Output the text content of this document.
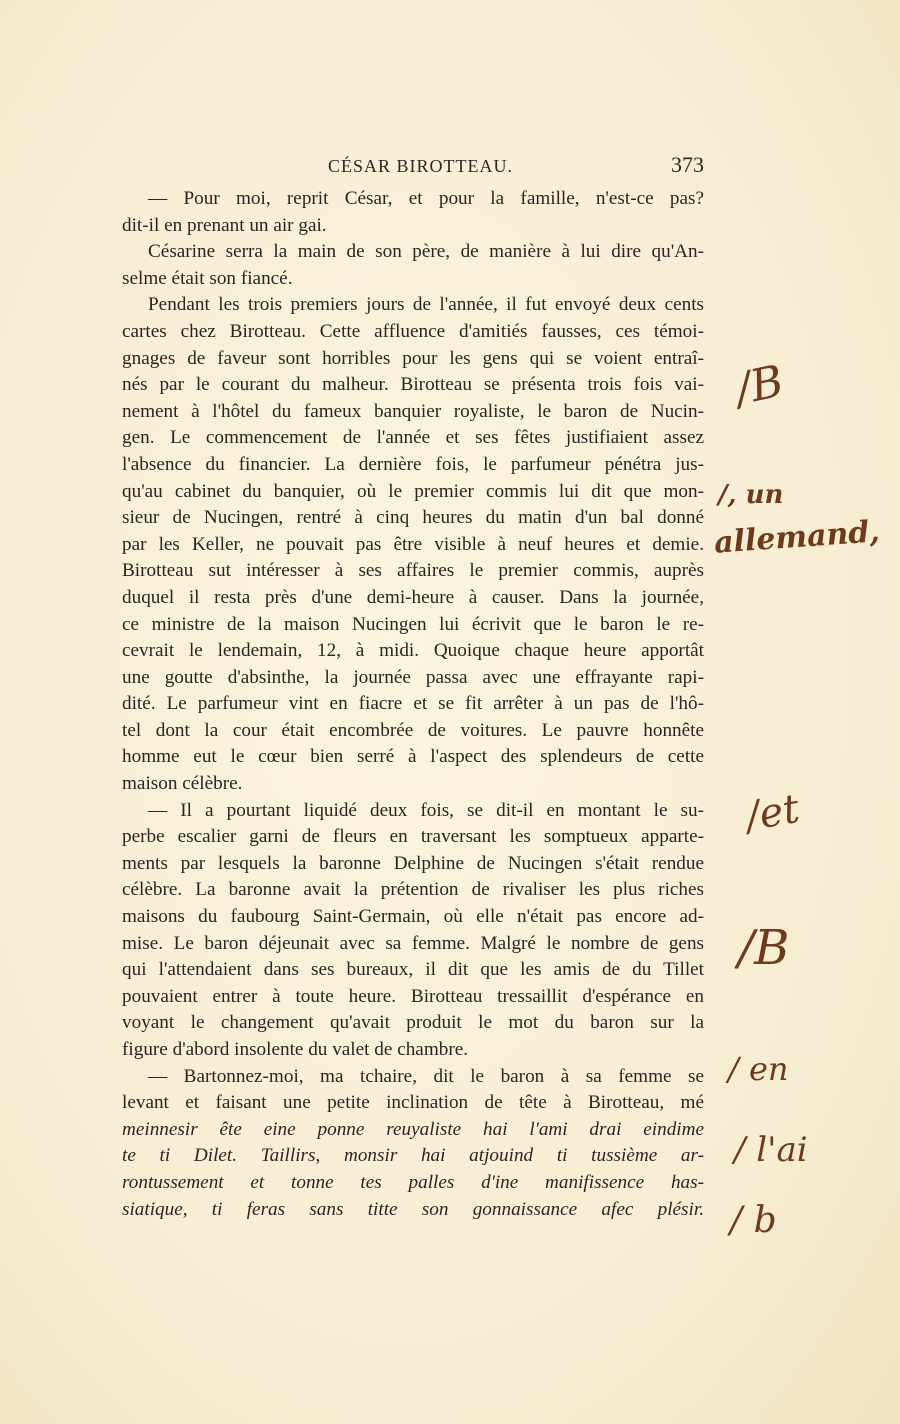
CÉSAR BIROTTEAU.	373
— Pour moi, reprit César, et pour la famille, n'est-ce pas?
dit-il en prenant un air gai.
Césarine serra la main de son père, de manière à lui dire qu'An-
selme était son fiancé.
Pendant les trois premiers jours de l'année, il fut envoyé deux cents
cartes chez Birotteau. Cette affluence d'amitiés fausses, ces témoi-
gnages de faveur sont horribles pour les gens qui se voient entraî-
nés par le courant du malheur. Birotteau se présenta trois fois vai-
nement à l'hôtel du fameux banquier royaliste, le baron de Nucin-
gen. Le commencement de l'année et ses fêtes justifiaient assez
l'absence du financier. La dernière fois, le parfumeur pénétra jus-
qu'au cabinet du banquier, où le premier commis lui dit que mon-
sieur de Nucingen, rentré à cinq heures du matin d'un bal donné
par les Keller, ne pouvait pas être visible à neuf heures et demie.
Birotteau sut intéresser à ses affaires le premier commis, auprès
duquel il resta près d'une demi-heure à causer. Dans la journée,
ce ministre de la maison Nucingen lui écrivit que le baron le re-
cevrait le lendemain, 12, à midi. Quoique chaque heure apportât
une goutte d'absinthe, la journée passa avec une effrayante rapi-
dité. Le parfumeur vint en fiacre et se fit arrêter à un pas de l'hô-
tel dont la cour était encombrée de voitures. Le pauvre honnête
homme eut le cœur bien serré à l'aspect des splendeurs de cette
maison célèbre.
— Il a pourtant liquidé deux fois, se dit-il en montant le su-
perbe escalier garni de fleurs en traversant les somptueux apparte-
ments par lesquels la baronne Delphine de Nucingen s'était rendue
célèbre. La baronne avait la prétention de rivaliser les plus riches
maisons du faubourg Saint-Germain, où elle n'était pas encore ad-
mise. Le baron déjeunait avec sa femme. Malgré le nombre de gens
qui l'attendaient dans ses bureaux, il dit que les amis de du Tillet
pouvaient entrer à toute heure. Birotteau tressaillit d'espérance en
voyant le changement qu'avait produit le mot du baron sur la
figure d'abord insolente du valet de chambre.
— Bartonnez-moi, ma tchaire, dit le baron à sa femme se
levant et faisant une petite inclination de tête à Birotteau, mé
meinnesir ête eine ponne reuyaliste hai l'ami drai eindime
te ti Dilet. Taillirs, monsir hai atjouind ti tussième ar-
rontussement et tonne tes palles d'ine manifissence has-
siatique, ti feras sans titte son gonnaissance afec plésir.
/B
/, un
allemand,
/et
/B
/ en
/ l'ai
/ b
